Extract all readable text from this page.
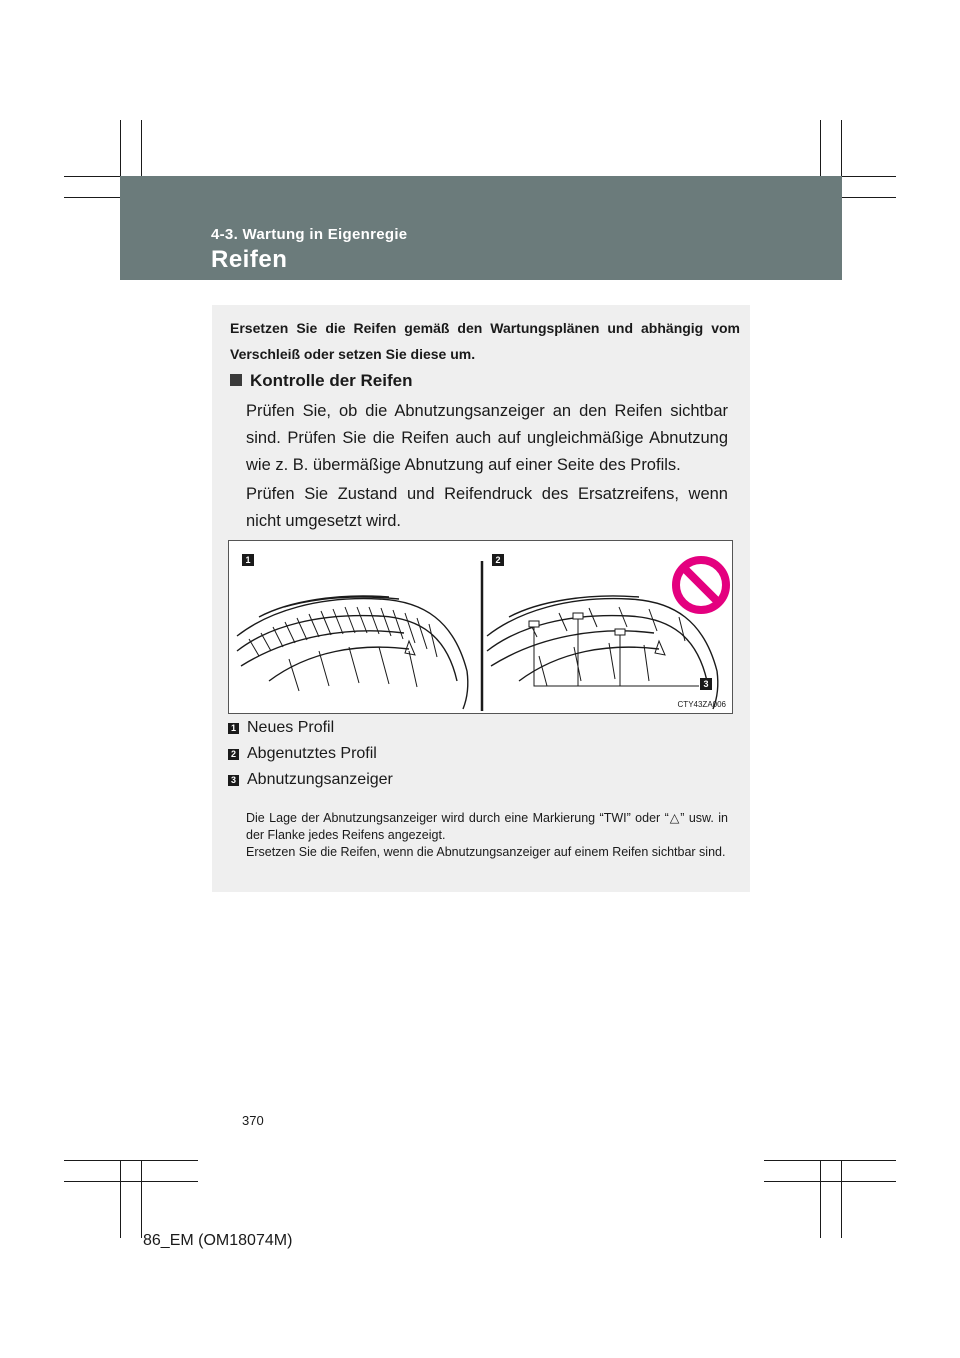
4-3. Wartung in Eigenregie
Reifen
Ersetzen Sie die Reifen gemäß den Wartungsplänen und abhängig vom Verschleiß oder setzen Sie diese um.
Kontrolle der Reifen
Prüfen Sie, ob die Abnutzungsanzeiger an den Reifen sichtbar sind. Prüfen Sie die Reifen auch auf ungleichmäßige Abnutzung wie z. B. übermäßige Abnutzung auf einer Seite des Profils.
Prüfen Sie Zustand und Reifendruck des Ersatzreifens, wenn nicht umgesetzt wird.
1	2
3
CTY43ZA006
1 Neues Profil
2 Abgenutztes Profil
3 Abnutzungsanzeiger
Die Lage der Abnutzungsanzeiger wird durch eine Markierung “TWI” oder “△” usw. in der Flanke jedes Reifens angezeigt.
Ersetzen Sie die Reifen, wenn die Abnutzungsanzeiger auf einem Reifen sichtbar sind.
370
86_EM (OM18074M)
